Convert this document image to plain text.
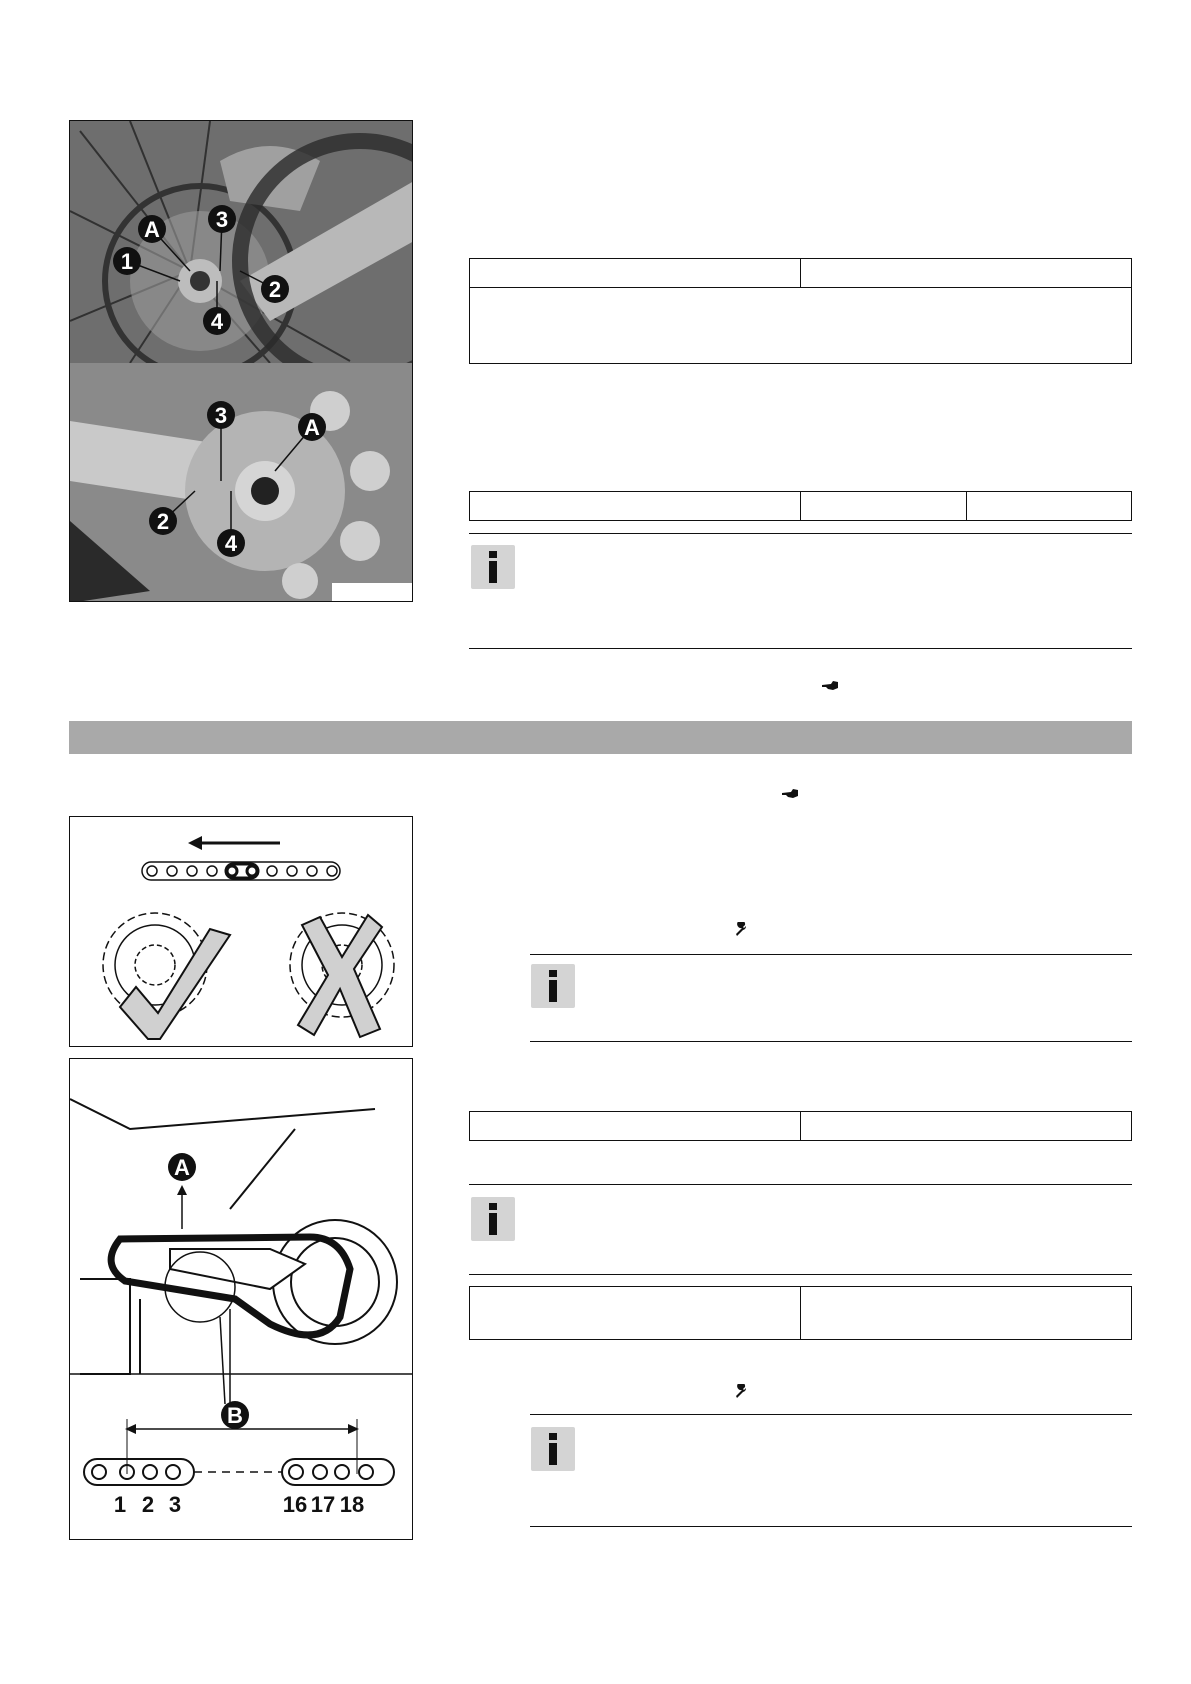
A	3
1
2
4
3	A
2
4
A
B
1 2 3	16 17 18
